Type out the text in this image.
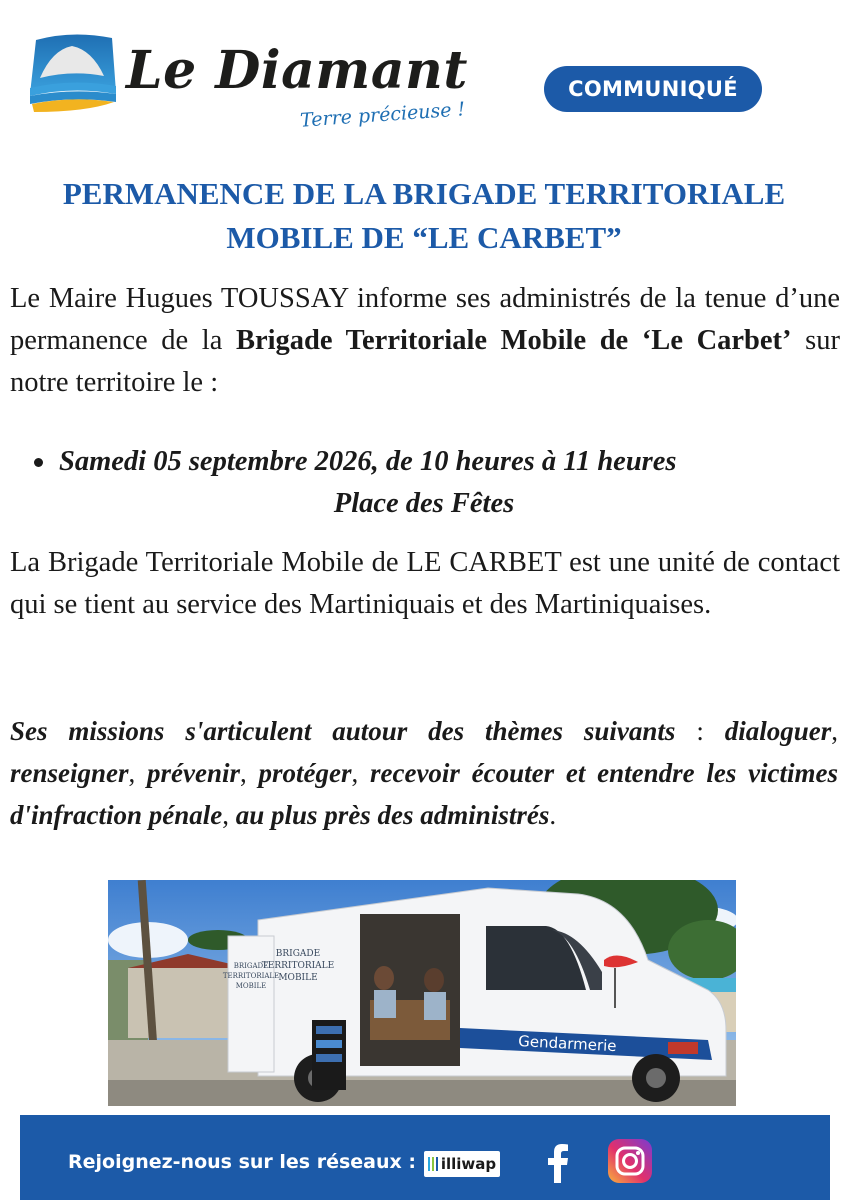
Le Diamant
Terre précieuse !
COMMUNIQUÉ
PERMANENCE DE LA BRIGADE TERRITORIALE
MOBILE DE “LE CARBET”

Le Maire Hugues TOUSSAY informe ses administrés de la tenue d’une permanence de la Brigade Territoriale Mobile de ‘Le Carbet’ sur notre territoire le :

Samedi 05 septembre 2026, de 10 heures à 11 heures
Place des Fêtes

La Brigade Territoriale Mobile de LE CARBET est une unité de contact qui se tient au service des Martiniquais et des Martiniquaises.

Ses missions s'articulent autour des thèmes suivants : dialoguer, renseigner, prévenir, protéger, recevoir écouter et entendre les victimes d'infraction pénale, au plus près des administrés.

BRIGADE
TERRITORIALE
MOBILE
BRIGADE
TERRITORIALE
MOBILE
Gendarmerie
Rejoignez-nous sur les réseaux : illiwap
